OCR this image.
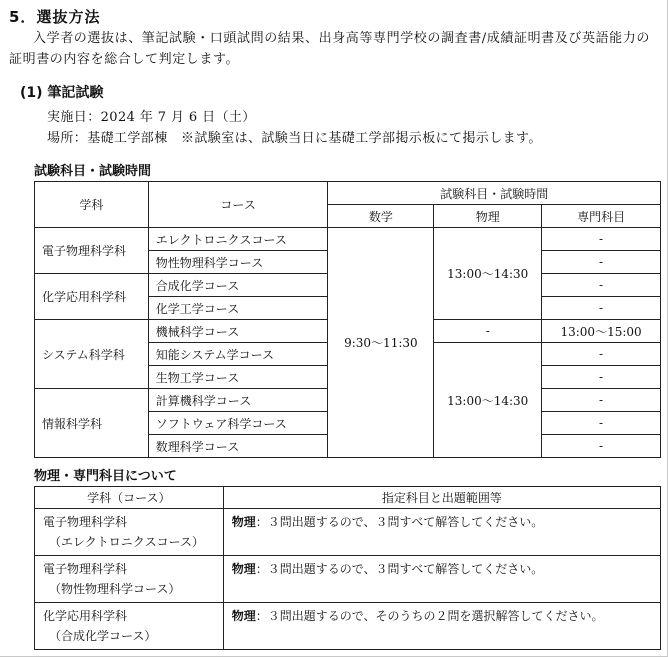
5．選抜方法
入学者の選抜は、筆記試験・口頭試問の結果、出身高等専門学校の調査書/成績証明書及び英語能力の証明書の内容を総合して判定します。
(1) 筆記試験
実施日：2024 年 7 月 6 日（土）
場所：基礎工学部棟　※試験室は、試験当日に基礎工学部掲示板にて掲示します。
試験科目・試験時間
学科	コース	試験科目・試験時間		
		数学	物理	専門科目
電子物理科学科	エレクトロニクスコース	9:30～11:30	13:00～14:30	-
	物性物理科学コース			-
化学応用科学科	合成化学コース			-
	化学工学コース			-
システム科学科	機械科学コース		-	13:00～15:00
	知能システム学コース		13:00～14:30	-
	生物工学コース			-
情報科学科	計算機科学コース			-
	ソフトウェア科学コース			-
	数理科学コース			-
物理・専門科目について
学科（コース）	指定科目と出題範囲等

電子物理科学科
（エレクトロニクスコース）	物理：３問出題するので、３問すべて解答してください。

電子物理科学科
（物性物理科学コース）	物理：３問出題するので、３問すべて解答してください。

化学応用科学科
（合成化学コース）	物理：３問出題するので、そのうちの２問を選択解答してください。
